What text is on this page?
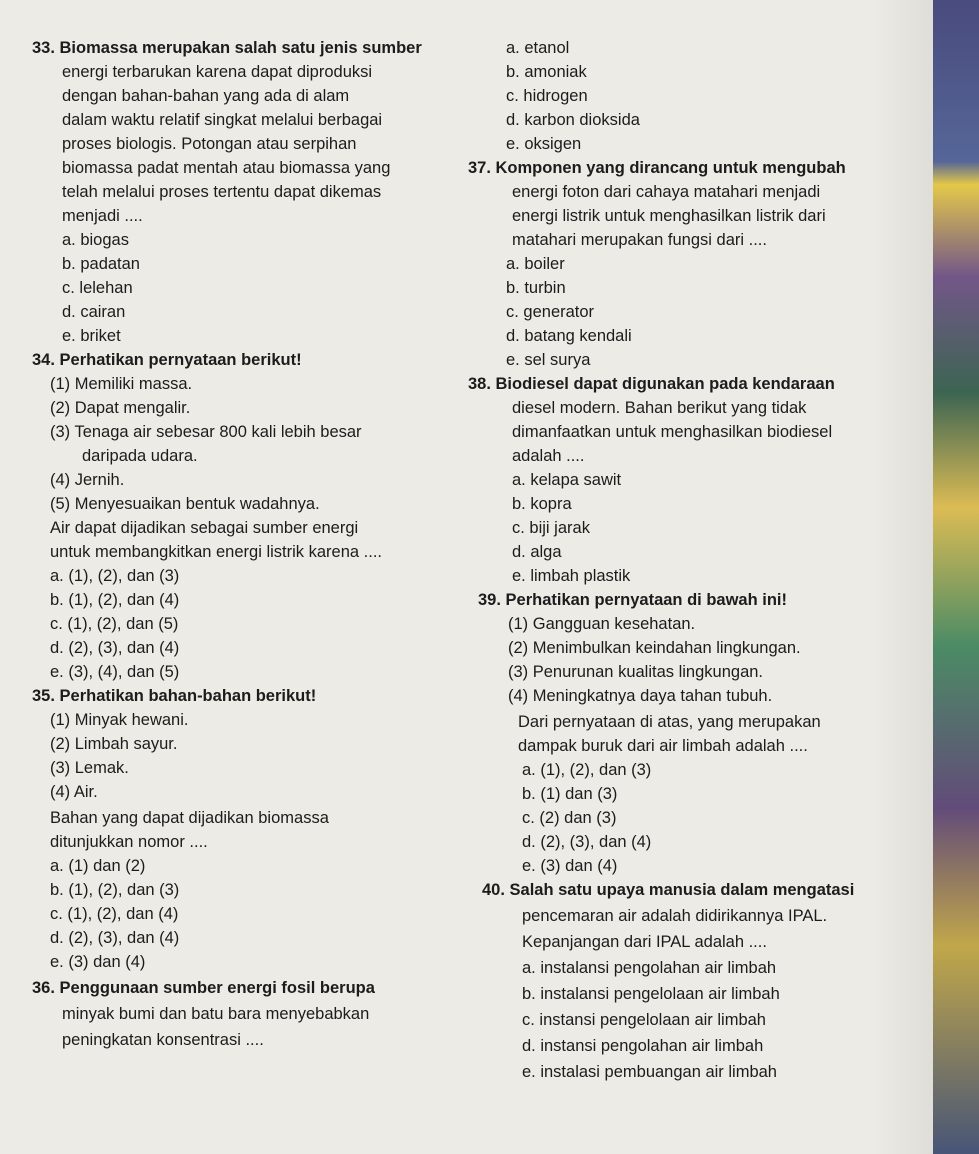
33. Biomassa merupakan salah satu jenis sumber
energi terbarukan karena dapat diproduksi
dengan bahan-bahan yang ada di alam
dalam waktu relatif singkat melalui berbagai
proses biologis. Potongan atau serpihan
biomassa padat mentah atau biomassa yang
telah melalui proses tertentu dapat dikemas
menjadi ....
a. biogas
b. padatan
c. lelehan
d. cairan
e. briket
34. Perhatikan pernyataan berikut!
(1) Memiliki massa.
(2) Dapat mengalir.
(3) Tenaga air sebesar 800 kali lebih besar
daripada udara.
(4) Jernih.
(5) Menyesuaikan bentuk wadahnya.
Air dapat dijadikan sebagai sumber energi
untuk membangkitkan energi listrik karena ....
a. (1), (2), dan (3)
b. (1), (2), dan (4)
c. (1), (2), dan (5)
d. (2), (3), dan (4)
e. (3), (4), dan (5)
35. Perhatikan bahan-bahan berikut!
(1) Minyak hewani.
(2) Limbah sayur.
(3) Lemak.
(4) Air.
Bahan yang dapat dijadikan biomassa
ditunjukkan nomor ....
a. (1) dan (2)
b. (1), (2), dan (3)
c. (1), (2), dan (4)
d. (2), (3), dan (4)
e. (3) dan (4)
36. Penggunaan sumber energi fosil berupa
minyak bumi dan batu bara menyebabkan
peningkatan konsentrasi ....
a. etanol
b. amoniak
c. hidrogen
d. karbon dioksida
e. oksigen
37. Komponen yang dirancang untuk mengubah
energi foton dari cahaya matahari menjadi
energi listrik untuk menghasilkan listrik dari
matahari merupakan fungsi dari ....
a. boiler
b. turbin
c. generator
d. batang kendali
e. sel surya
38. Biodiesel dapat digunakan pada kendaraan
diesel modern. Bahan berikut yang tidak
dimanfaatkan untuk menghasilkan biodiesel
adalah ....
a. kelapa sawit
b. kopra
c. biji jarak
d. alga
e. limbah plastik
39. Perhatikan pernyataan di bawah ini!
(1) Gangguan kesehatan.
(2) Menimbulkan keindahan lingkungan.
(3) Penurunan kualitas lingkungan.
(4) Meningkatnya daya tahan tubuh.
Dari pernyataan di atas, yang merupakan
dampak buruk dari air limbah adalah ....
a. (1), (2), dan (3)
b. (1) dan (3)
c. (2) dan (3)
d. (2), (3), dan (4)
e. (3) dan (4)
40. Salah satu upaya manusia dalam mengatasi
pencemaran air adalah didirikannya IPAL.
Kepanjangan dari IPAL adalah ....
a. instalansi pengolahan air limbah
b. instalansi pengelolaan air limbah
c. instansi pengelolaan air limbah
d. instansi pengolahan air limbah
e. instalasi pembuangan air limbah
